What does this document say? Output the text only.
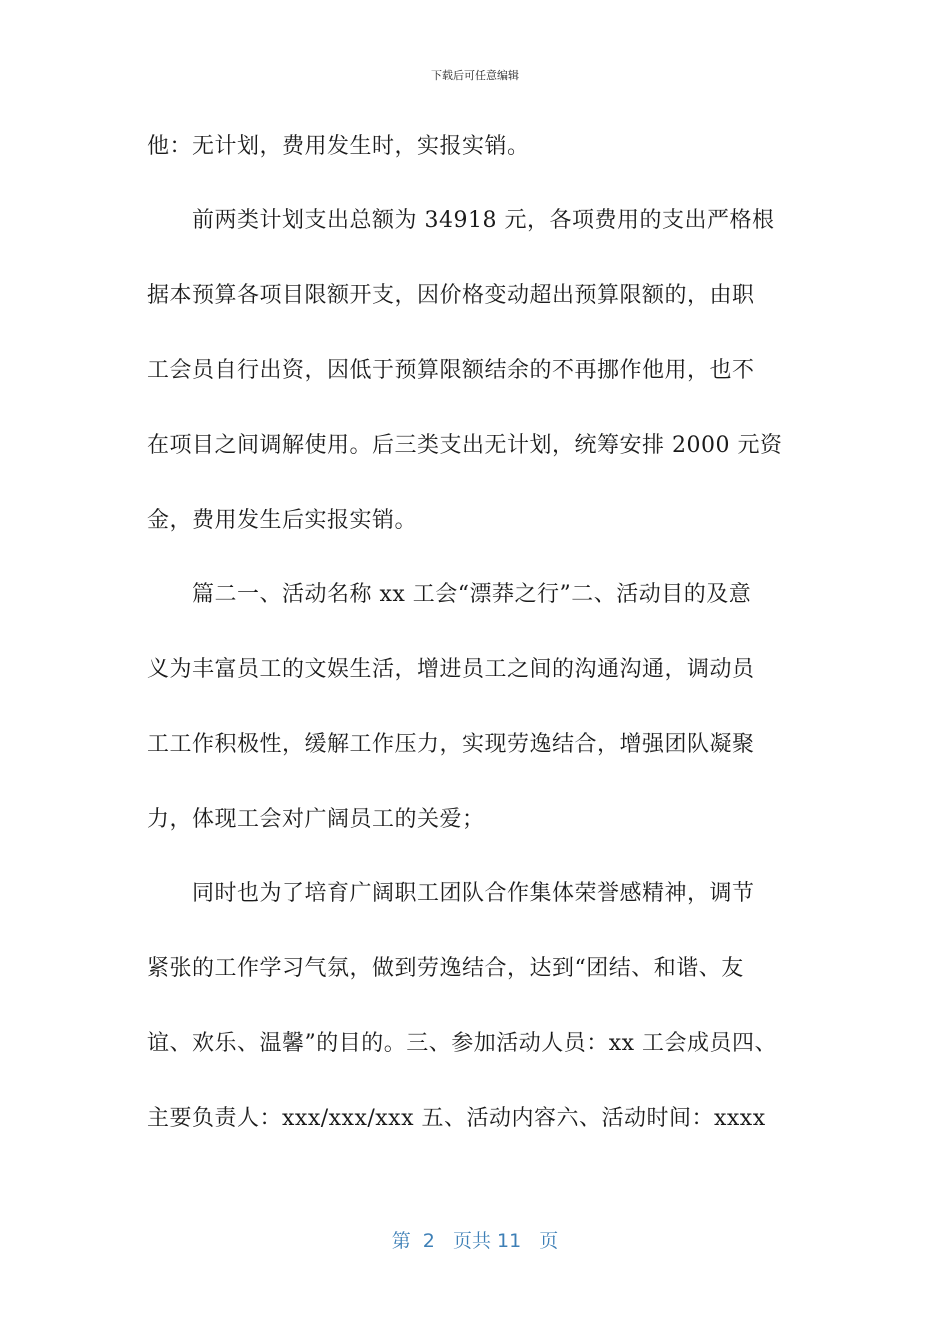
下载后可任意编辑
他：无计划，费用发生时，实报实销。
　　前两类计划支出总额为 34918 元，各项费用的支出严格根
据本预算各项目限额开支，因价格变动超出预算限额的，由职
工会员自行出资，因低于预算限额结余的不再挪作他用，也不
在项目之间调解使用。后三类支出无计划，统筹安排 2000 元资
金，费用发生后实报实销。
　　篇二一、活动名称 xx 工会“漂莽之行”二、活动目的及意
义为丰富员工的文娱生活，增进员工之间的沟通沟通，调动员
工工作积极性，缓解工作压力，实现劳逸结合，增强团队凝聚
力，体现工会对广阔员工的关爱；
　　同时也为了培育广阔职工团队合作集体荣誉感精神，调节
紧张的工作学习气氛，做到劳逸结合，达到“团结、和谐、友
谊、欢乐、温馨”的目的。三、参加活动人员：xx 工会成员四、
主要负责人：xxx/xxx/xxx 五、活动内容六、活动时间：xxxx
第  2   页共 11   页
